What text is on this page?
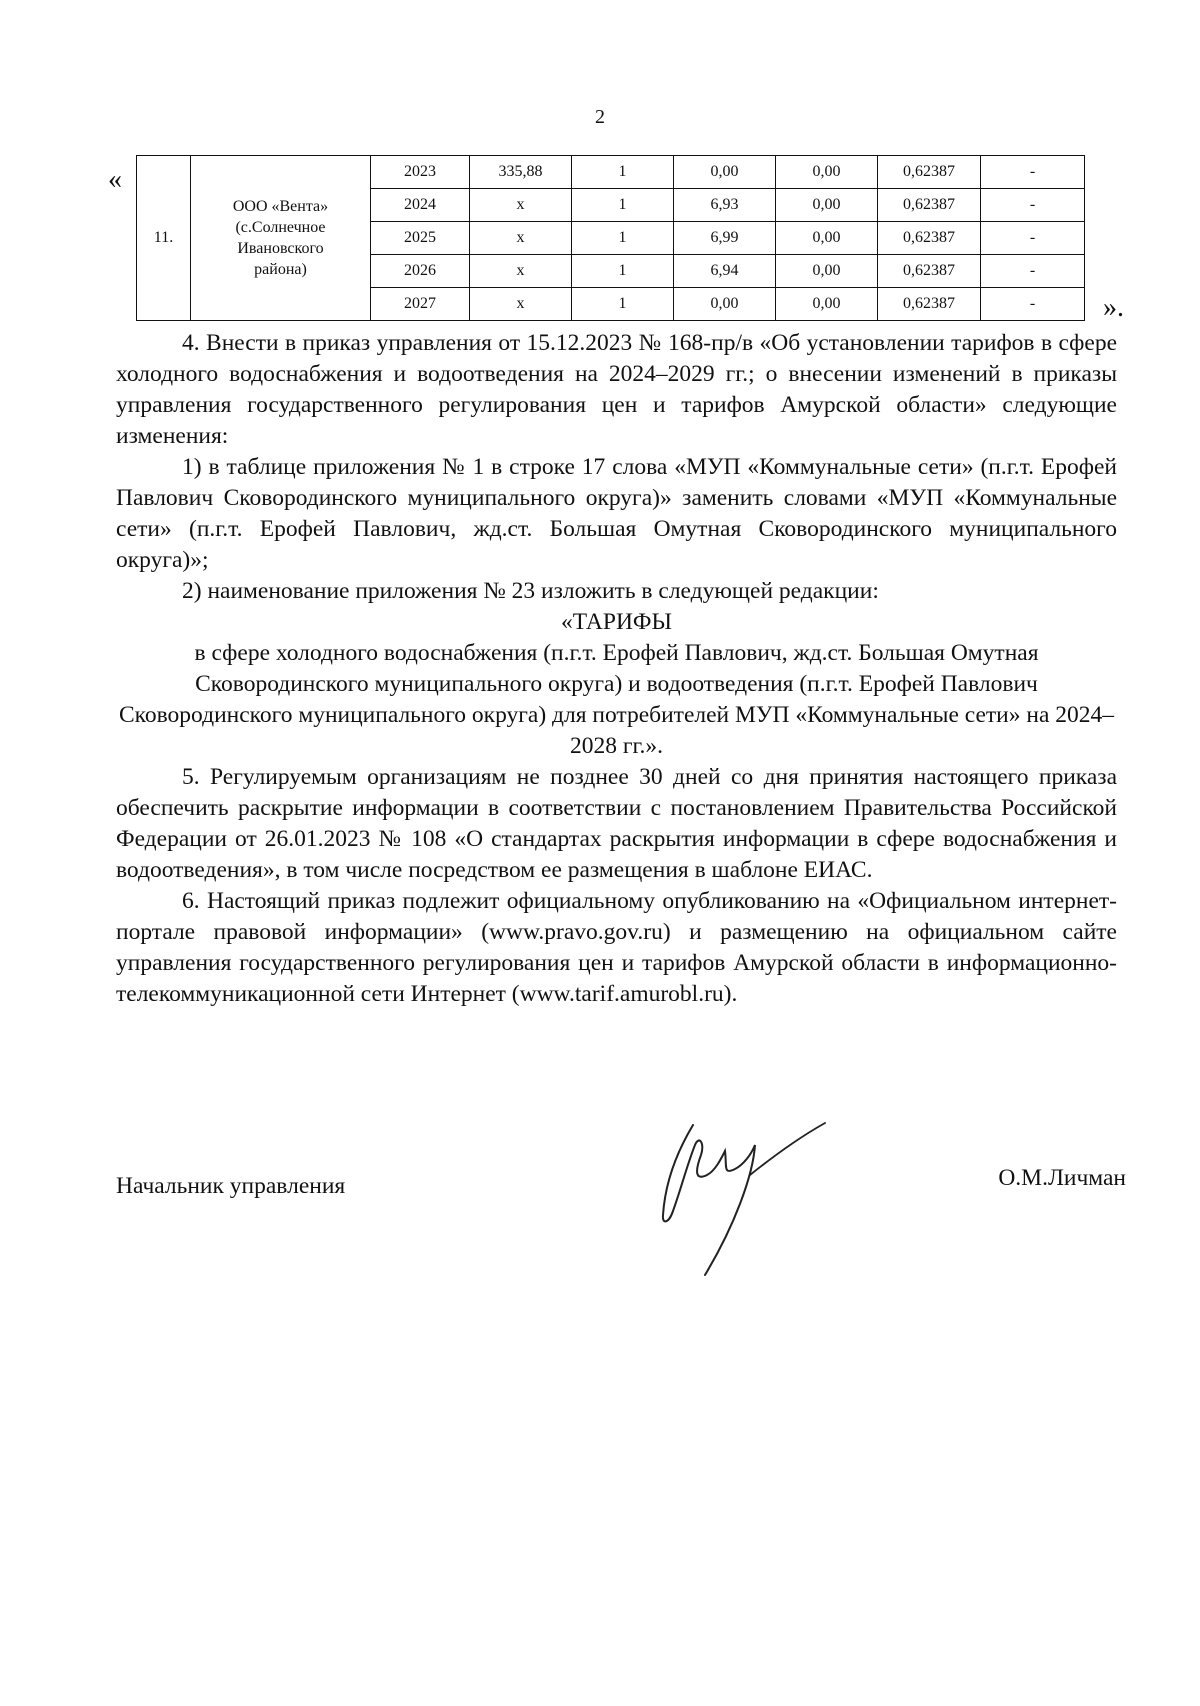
2
«
11.	ООО «Вента»
(с.Солнечное
Ивановского
района)	2023	335,88	1	0,00	0,00	0,62387	-
		2024	х	1	6,93	0,00	0,62387	-
		2025	х	1	6,99	0,00	0,62387	-
		2026	х	1	6,94	0,00	0,62387	-
		2027	х	1	0,00	0,00	0,62387	- ».

4. Внести в приказ управления от 15.12.2023 № 168-пр/в «Об установлении тарифов в сфере холодного водоснабжения и водоотведения на 2024–2029 гг.; о внесении изменений в приказы управления государственного регулирования цен и тарифов Амурской области» следующие изменения:

1) в таблице приложения № 1 в строке 17 слова «МУП «Коммунальные сети» (п.г.т. Ерофей Павлович Сковородинского муниципального округа)» заменить словами «МУП «Коммунальные сети» (п.г.т. Ерофей Павлович, жд.ст. Большая Омутная Сковородинского муниципального округа)»;

2) наименование приложения № 23 изложить в следующей редакции:

«ТАРИФЫ

в сфере холодного водоснабжения (п.г.т. Ерофей Павлович, жд.ст. Большая Омутная Сковородинского муниципального округа) и водоотведения (п.г.т. Ерофей Павлович Сковородинского муниципального округа) для потребителей МУП «Коммунальные сети» на 2024–2028 гг.».

5. Регулируемым организациям не позднее 30 дней со дня принятия настоящего приказа обеспечить раскрытие информации в соответствии с постановлением Правительства Российской Федерации от 26.01.2023 № 108 «О стандартах раскрытия информации в сфере водоснабжения и водоотведения», в том числе посредством ее размещения в шаблоне ЕИАС.

6. Настоящий приказ подлежит официальному опубликованию на «Официальном интернет-портале правовой информации» (www.pravo.gov.ru) и размещению на официальном сайте управления государственного регулирования цен и тарифов Амурской области в информационно-телекоммуникационной сети Интернет (www.tarif.amurobl.ru).

Начальник управления	О.М.Личман
